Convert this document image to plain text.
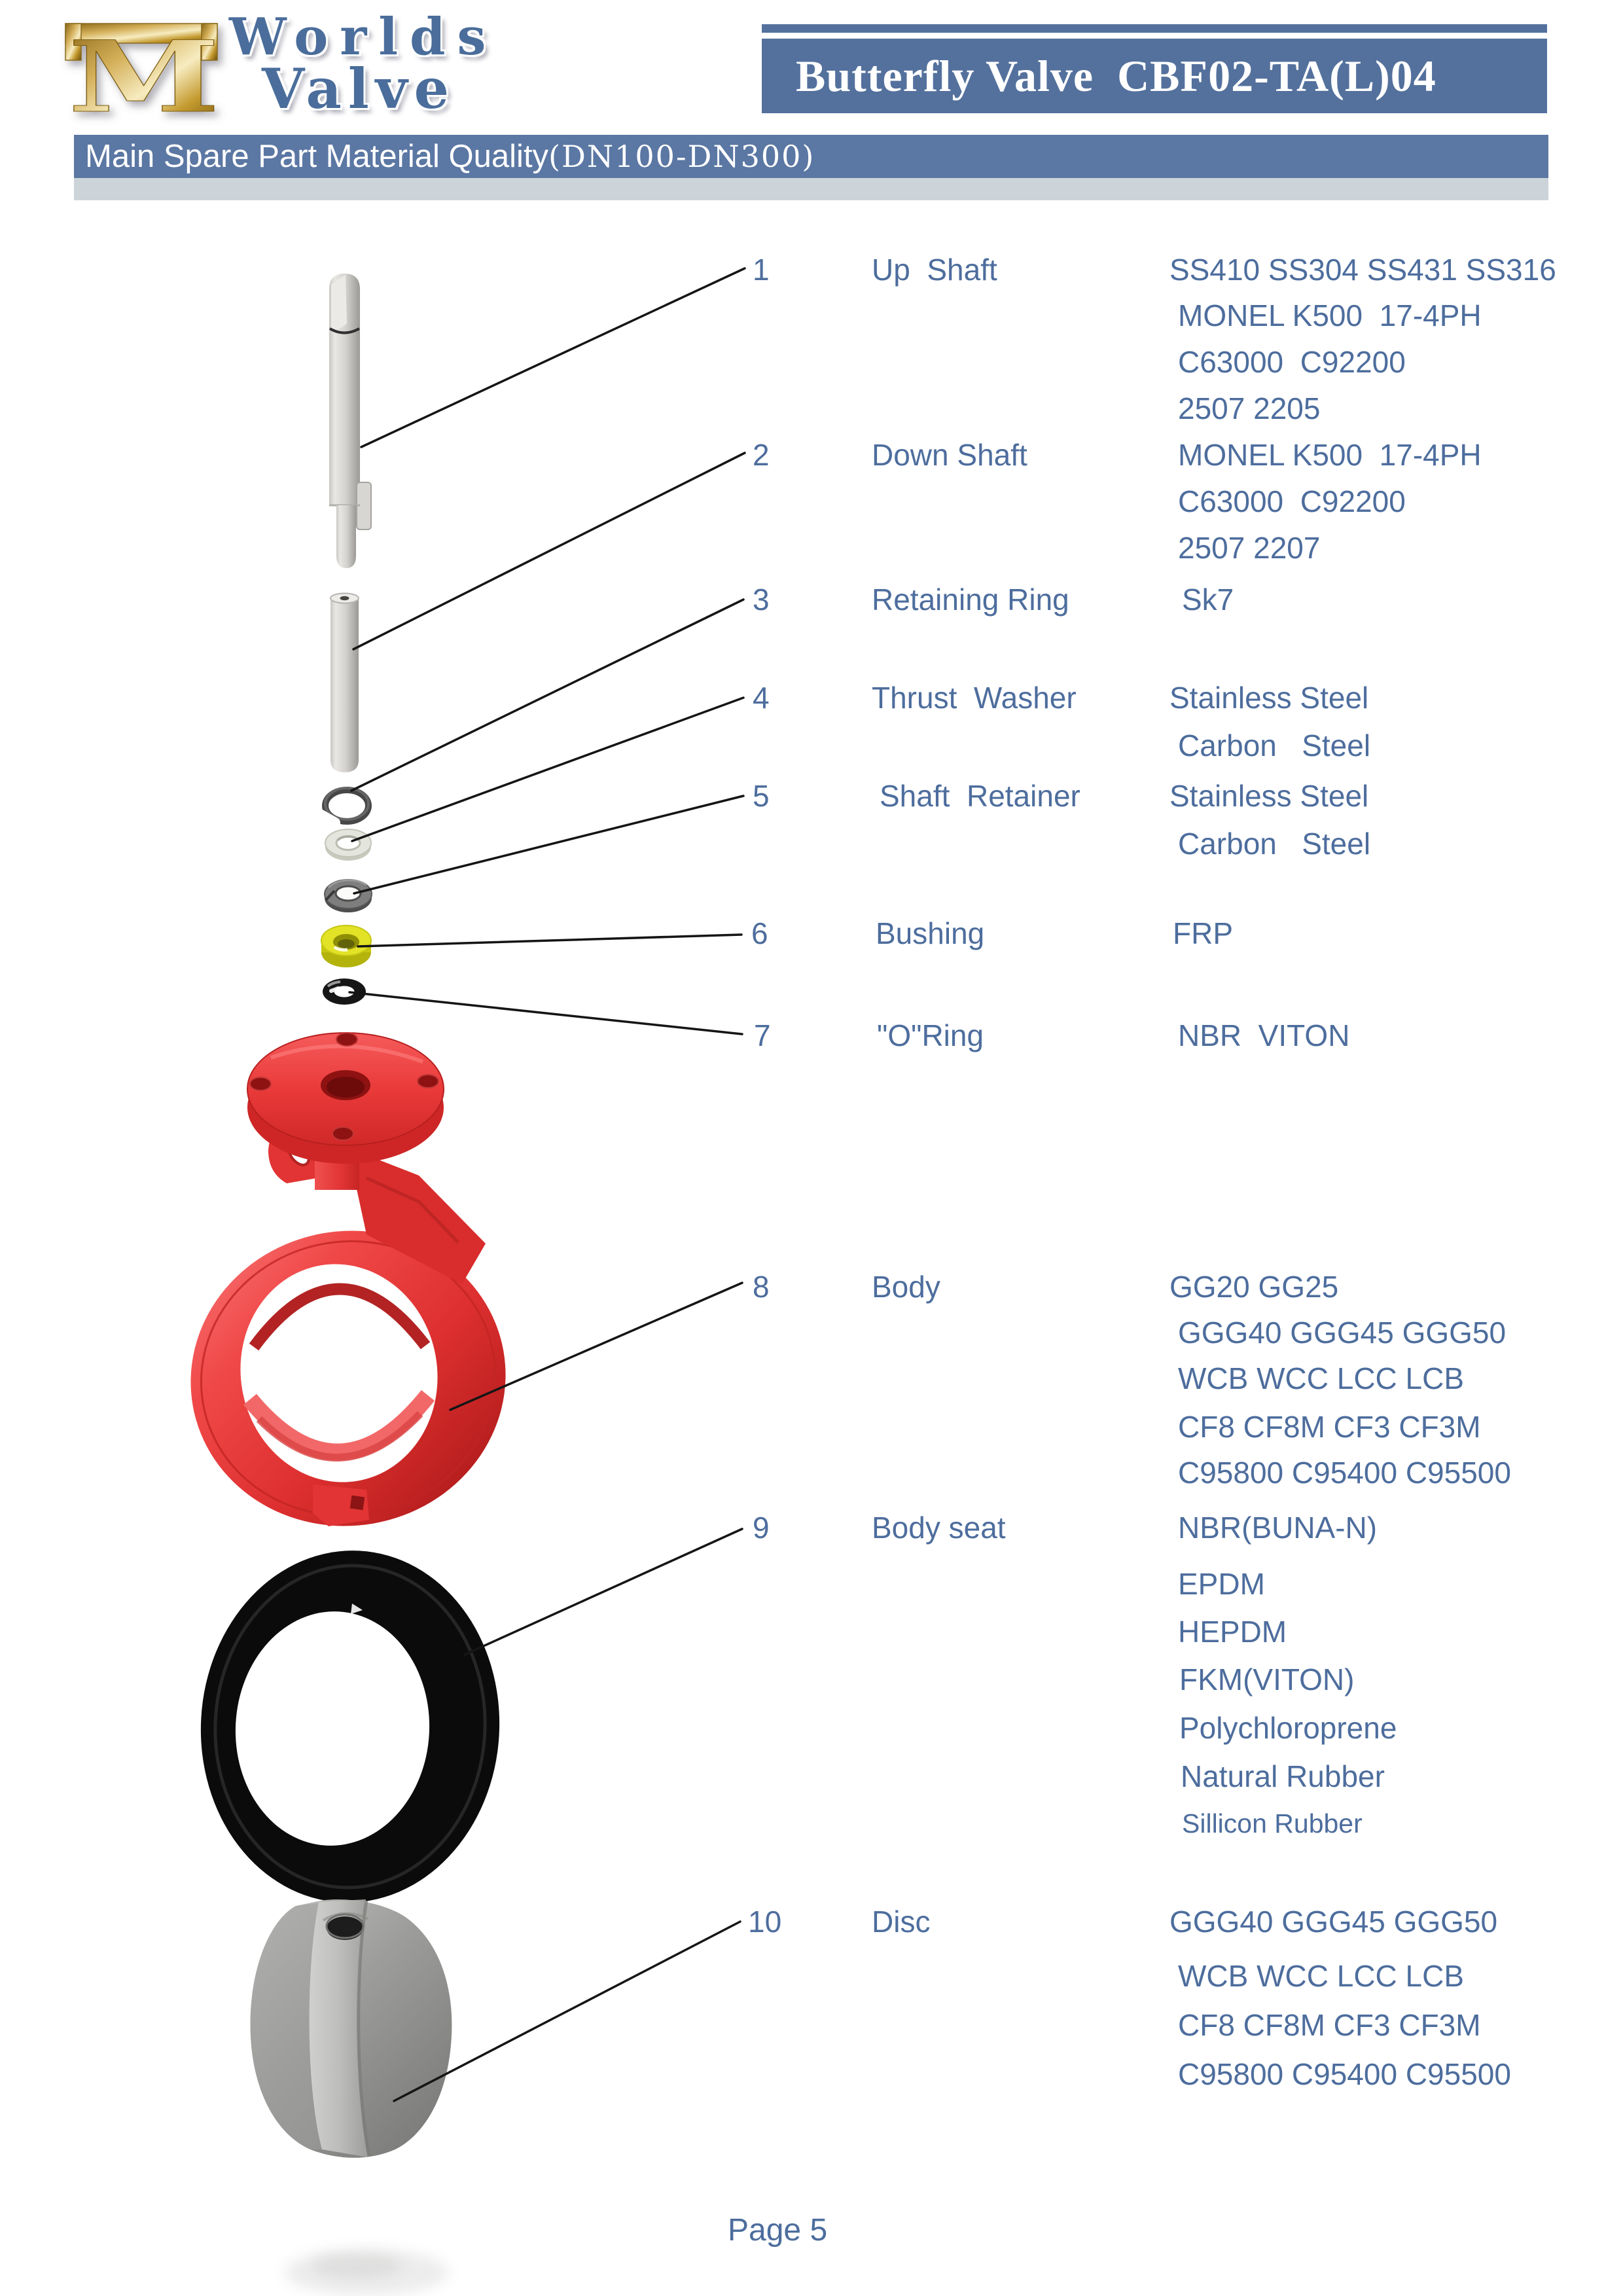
M Worlds
Valve	Butterfly Valve  CBF02-TA(L)04
Main Spare Part Material Quality (DN100-DN300)
1	Up  Shaft	SS410 SS304 SS431 SS316
MONEL K500  17-4PH
C63000  C92200
2507 2205
2	Down Shaft	MONEL K500  17-4PH
C63000  C92200
2507 2207
3	Retaining Ring	Sk7
4	Thrust  Washer	Stainless Steel
Carbon   Steel
5	Shaft  Retainer	Stainless Steel
Carbon   Steel
6	Bushing	FRP
7	"O"Ring	NBR  VITON
8	Body	GG20 GG25
GGG40 GGG45 GGG50
WCB WCC LCC LCB
CF8 CF8M CF3 CF3M
C95800 C95400 C95500
9	Body seat	NBR(BUNA-N)
EPDM
HEPDM
FKM(VITON)
Polychloroprene
Natural Rubber
Sillicon Rubber
10	Disc	GGG40 GGG45 GGG50
WCB WCC LCC LCB
CF8 CF8M CF3 CF3M
C95800 C95400 C95500
Page 5
